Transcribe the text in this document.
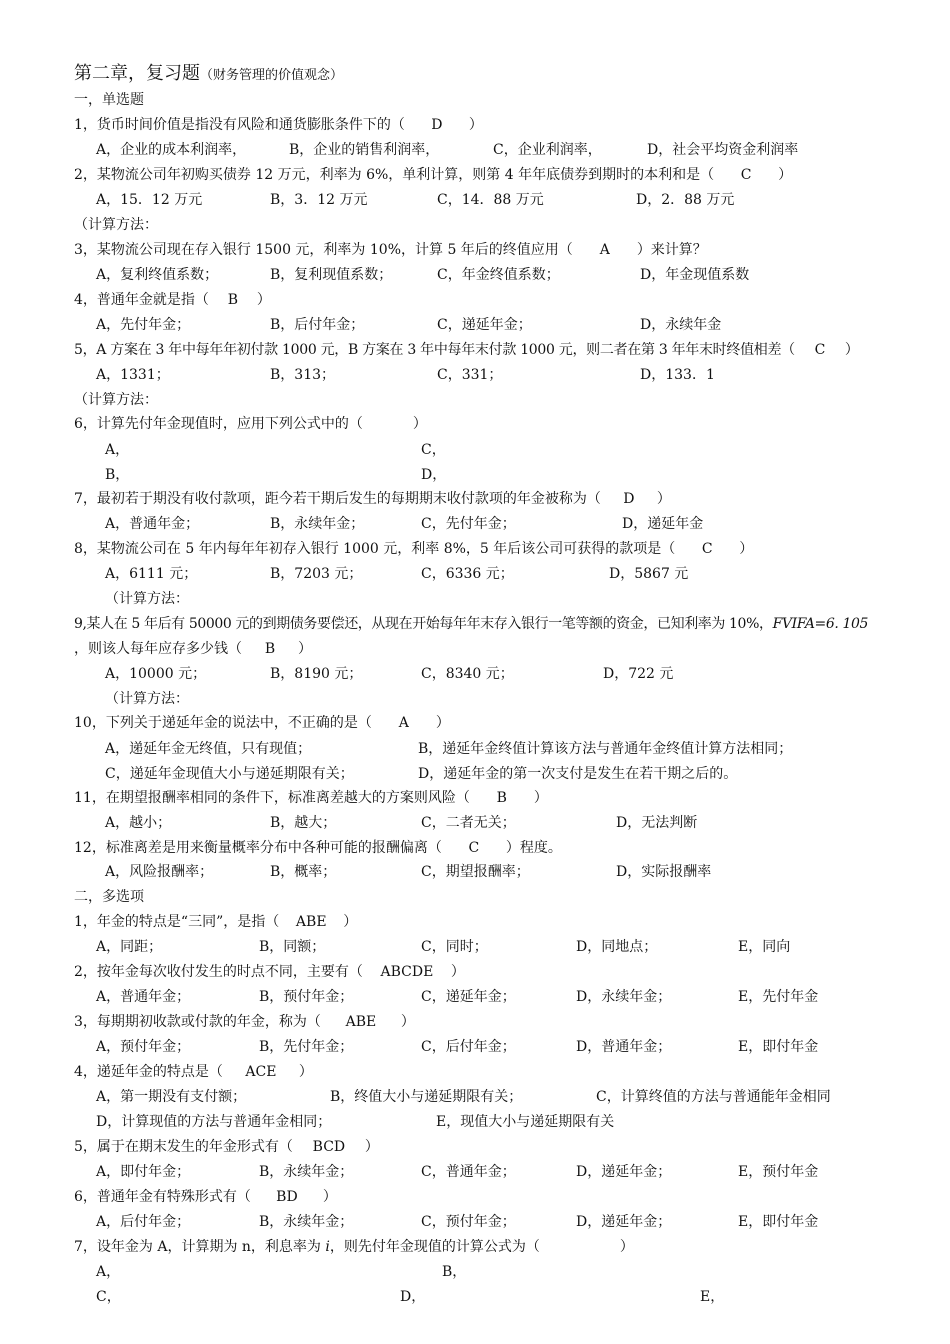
第二章，复习题（财务管理的价值观念）
一，单选题
1，货币时间价值是指没有风险和通货膨胀条件下的（ D ）
A，企业的成本利润率，	B，企业的销售利润率，	C，企业利润率，	D，社会平均资金利润率
2，某物流公司年初购买债券 12 万元，利率为 6%，单利计算，则第 4 年年底债券到期时的本利和是（ C ）
A，15．12 万元	B，3．12 万元	C，14．88 万元	D，2．88 万元
（计算方法：
3，某物流公司现在存入银行 1500 元，利率为 10%，计算 5 年后的终值应用（ A ）来计算？
A，复利终值系数；	B，复利现值系数；	C，年金终值系数；	D，年金现值系数
4，普通年金就是指（ B ）
A，先付年金；	B，后付年金；	C，递延年金；	D，永续年金
5，A 方案在 3 年中每年年初付款 1000 元，B 方案在 3 年中每年末付款 1000 元，则二者在第 3 年年末时终值相差（ C ）
A，1331；	B，313；	C，331；	D，133．1
（计算方法：
6，计算先付年金现值时，应用下列公式中的（	）
A，	C，
B，	D，
7，最初若于期没有收付款项，距今若干期后发生的每期期末收付款项的年金被称为（ D ）
A，普通年金；	B，永续年金；	C，先付年金；	D，递延年金
8，某物流公司在 5 年内每年年初存入银行 1000 元，利率 8%，5 年后该公司可获得的款项是（ C ）
A，6111 元；	B，7203 元；	C，6336 元；	D，5867 元
（计算方法：
9,某人在 5 年后有 50000 元的到期债务要偿还，从现在开始每年年末存入银行一笔等额的资金，已知利率为 10%，FVIFA=6. 105
，则该人每年应存多少钱（ B ）
A，10000 元；	B，8190 元；	C，8340 元；	D，722 元
（计算方法：
10，下列关于递延年金的说法中，不正确的是（ A ）
A，递延年金无终值，只有现值；	B，递延年金终值计算该方法与普通年金终值计算方法相同；
C，递延年金现值大小与递延期限有关；	D，递延年金的第一次支付是发生在若干期之后的。
11，在期望报酬率相同的条件下，标准离差越大的方案则风险（ B ）
A，越小；	B，越大；	C，二者无关；	D，无法判断
12，标准离差是用来衡量概率分布中各种可能的报酬偏离（ C ）程度。
A，风险报酬率；	B，概率；	C，期望报酬率；	D，实际报酬率
二，多选项
1，年金的特点是“三同”，是指（ ABE ）
A，同距；	B，同额；	C，同时；	D，同地点；	E，同向
2，按年金每次收付发生的时点不同，主要有（ ABCDE ）
A，普通年金；	B，预付年金；	C，递延年金；	D，永续年金；	E，先付年金
3，每期期初收款或付款的年金，称为（ ABE ）
A，预付年金；	B，先付年金；	C，后付年金；	D，普通年金；	E，即付年金
4，递延年金的特点是（ ACE ）
A，第一期没有支付额；	B，终值大小与递延期限有关；	C，计算终值的方法与普通能年金相同
D，计算现值的方法与普通年金相同；	E，现值大小与递延期限有关
5，属于在期末发生的年金形式有（ BCD ）
A，即付年金；	B，永续年金；	C，普通年金；	D，递延年金；	E，预付年金
6，普通年金有特殊形式有（ BD ）
A，后付年金；	B，永续年金；	C，预付年金；	D，递延年金；	E，即付年金
7，设年金为 A，计算期为 n，利息率为 i，则先付年金现值的计算公式为（	）
A，	B，
C，	D，	E，
